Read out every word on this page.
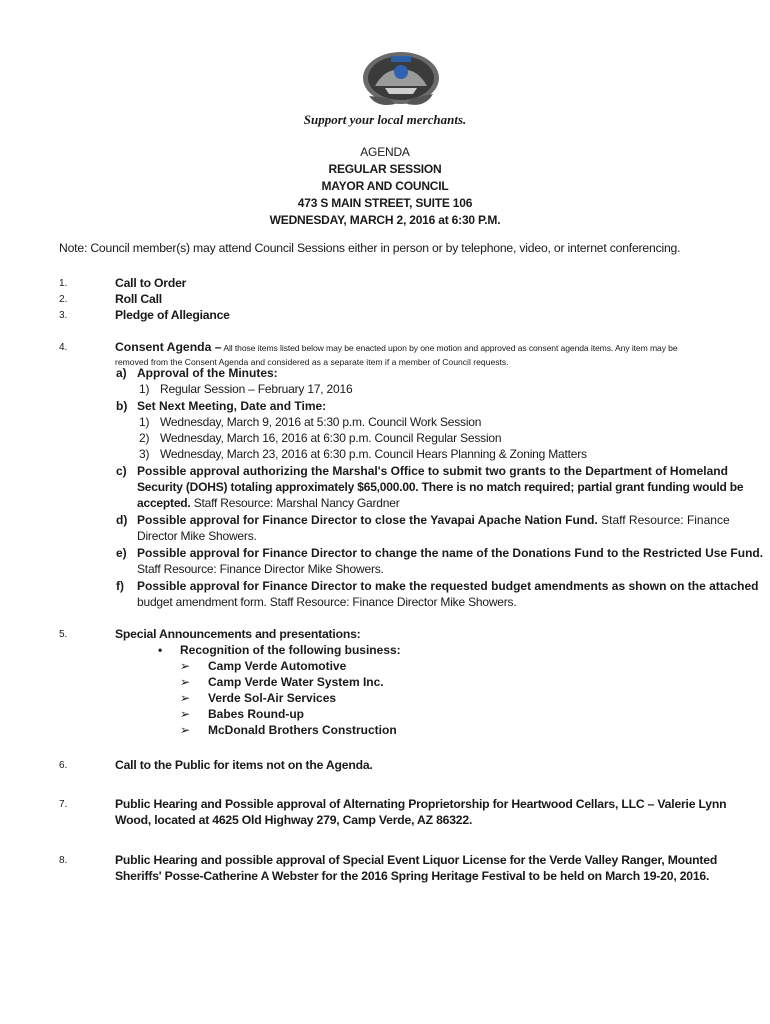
Support your local merchants.
AGENDA
REGULAR SESSION
MAYOR AND COUNCIL
473 S MAIN STREET, SUITE 106
WEDNESDAY, MARCH 2, 2016 at 6:30 P.M.
Note: Council member(s) may attend Council Sessions either in person or by telephone, video, or internet conferencing.
1.	Call to Order
2.	Roll Call
3.	Pledge of Allegiance
4.	Consent Agenda – All those items listed below may be enacted upon by one motion and approved as consent agenda items. Any item may be
removed from the Consent Agenda and considered as a separate item if a member of Council requests.
a) Approval of the Minutes:
1) Regular Session – February 17, 2016
b) Set Next Meeting, Date and Time:
1) Wednesday, March 9, 2016 at 5:30 p.m. Council Work Session
2) Wednesday, March 16, 2016 at 6:30 p.m. Council Regular Session
3) Wednesday, March 23, 2016 at 6:30 p.m. Council Hears Planning & Zoning Matters
c) Possible approval authorizing the Marshal's Office to submit two grants to the Department of Homeland
Security (DOHS) totaling approximately $65,000.00. There is no match required; partial grant funding would be
accepted. Staff Resource: Marshal Nancy Gardner
d) Possible approval for Finance Director to close the Yavapai Apache Nation Fund. Staff Resource: Finance
Director Mike Showers.
e) Possible approval for Finance Director to change the name of the Donations Fund to the Restricted Use Fund.
Staff Resource: Finance Director Mike Showers.
f) Possible approval for Finance Director to make the requested budget amendments as shown on the attached
budget amendment form. Staff Resource: Finance Director Mike Showers.
5.	Special Announcements and presentations:
• Recognition of the following business:
➢ Camp Verde Automotive
➢ Camp Verde Water System Inc.
➢ Verde Sol-Air Services
➢ Babes Round-up
➢ McDonald Brothers Construction
6.	Call to the Public for items not on the Agenda.
7.	Public Hearing and Possible approval of Alternating Proprietorship for Heartwood Cellars, LLC – Valerie Lynn
Wood, located at 4625 Old Highway 279, Camp Verde, AZ 86322.
8.	Public Hearing and possible approval of Special Event Liquor License for the Verde Valley Ranger, Mounted
Sheriffs' Posse-Catherine A Webster for the 2016 Spring Heritage Festival to be held on March 19-20, 2016.
